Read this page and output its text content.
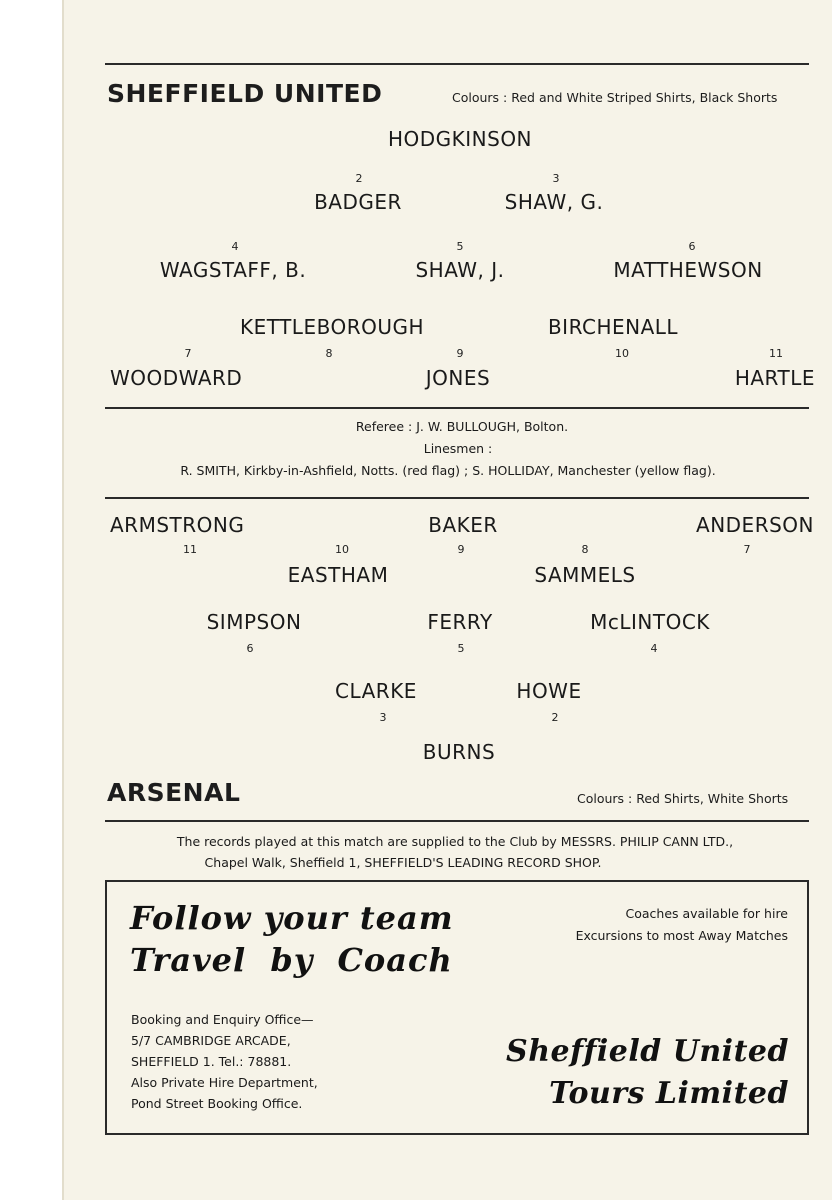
SHEFFIELD UNITED	Colours : Red and White Striped Shirts, Black Shorts
HODGKINSON
2
BADGER
3
SHAW, G.
4
WAGSTAFF, B.
5
SHAW, J.
6
MATTHEWSON
KETTLEBOROUGH	BIRCHENALL
7	8	9	10	11
WOODWARD	JONES	HARTLE
Referee : J. W. BULLOUGH, Bolton.
Linesmen :
R. SMITH, Kirkby-in-Ashfield, Notts. (red flag) ; S. HOLLIDAY, Manchester (yellow flag).
ARMSTRONG	BAKER	ANDERSON
11	10	9	8	7
EASTHAM	SAMMELS
SIMPSON	FERRY	McLINTOCK
6	5	4
CLARKE	HOWE
3	2
BURNS
ARSENAL	Colours : Red Shirts, White Shorts
The records played at this match are supplied to the Club by MESSRS. PHILIP CANN LTD.,
Chapel Walk, Sheffield 1, SHEFFIELD'S LEADING RECORD SHOP.
Follow your team
Travel by Coach
Coaches available for hire
Excursions to most Away Matches
Booking and Enquiry Office—
5/7 CAMBRIDGE ARCADE,
SHEFFIELD 1. Tel.: 78881.
Also Private Hire Department,
Pond Street Booking Office.
Sheffield United
Tours Limited
